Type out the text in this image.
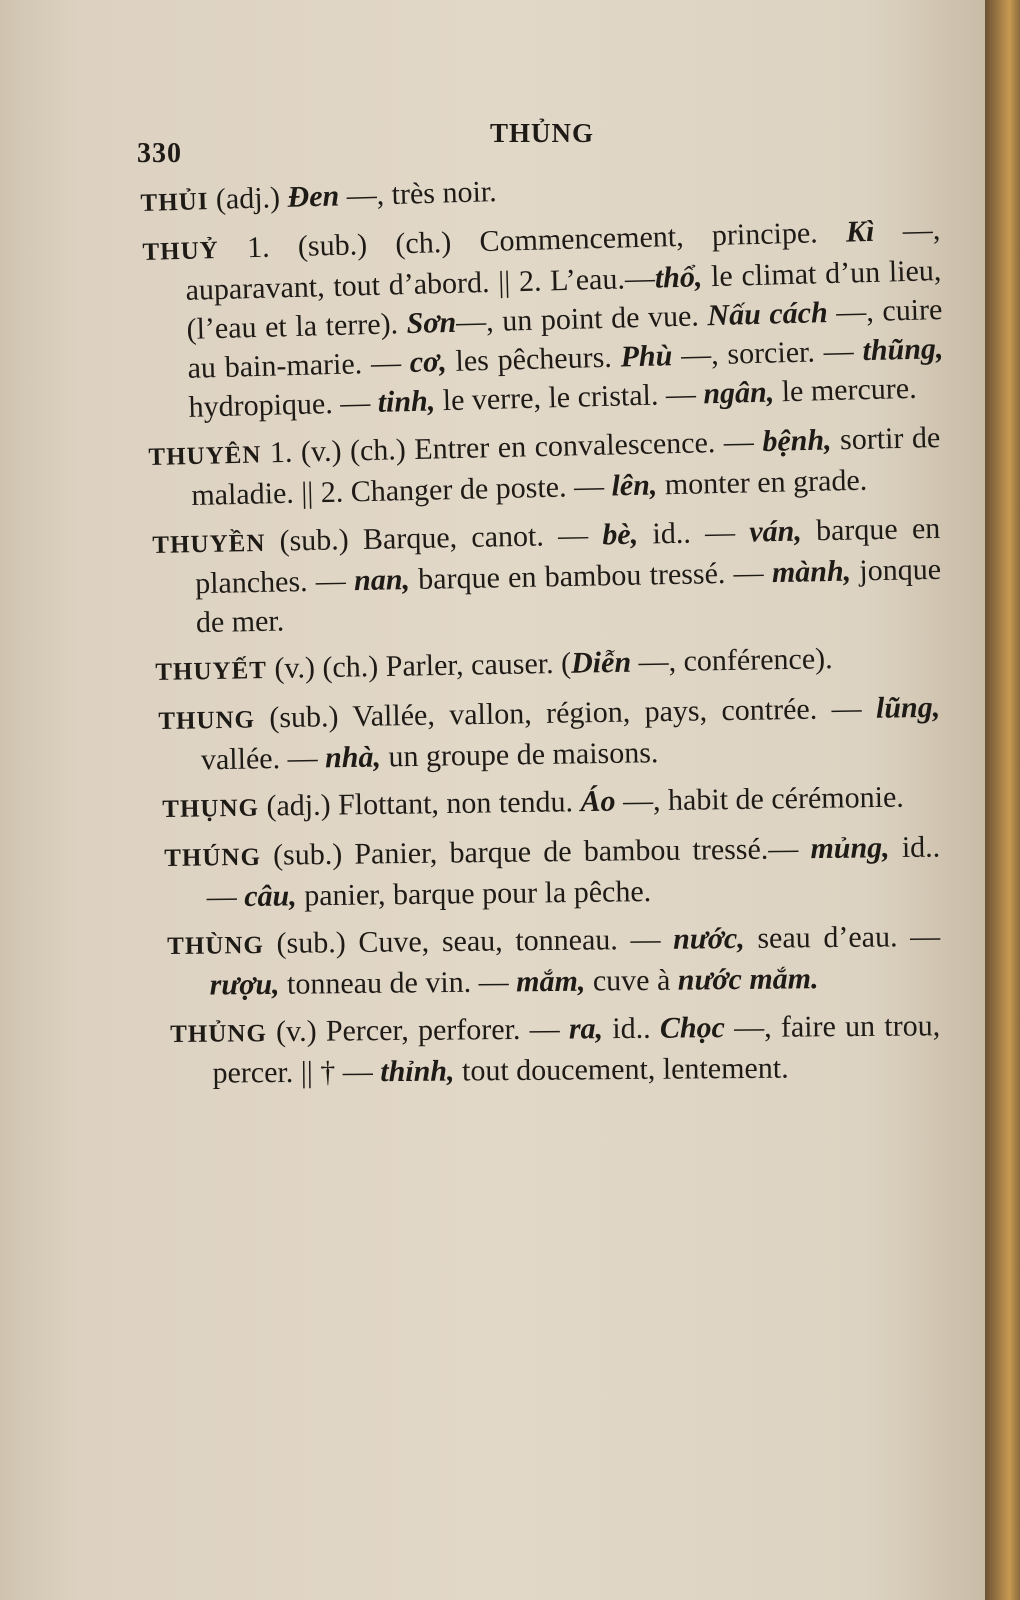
330
THỦNG
THỦI (adj.) Đen —, très noir.
THUỶ 1. (sub.) (ch.) Commencement, principe. Kì —, auparavant, tout d’abord. || 2. L’eau.—thổ, le climat d’un lieu, (l’eau et la terre). Sơn—, un point de vue. Nấu cách —, cuire au bain-marie. — cơ, les pêcheurs. Phù —, sorcier. — thũng, hydropique. — tinh, le verre, le cristal. — ngân, le mercure.
THUYÊN 1. (v.) (ch.) Entrer en convalescence. — bệnh, sortir de maladie. || 2. Changer de poste. — lên, monter en grade.
THUYỀN (sub.) Barque, canot. — bè, id.. — ván, barque en planches. — nan, barque en bambou tressé. — mành, jonque de mer.
THUYẾT (v.) (ch.) Parler, causer. (Diễn —, conférence).
THUNG (sub.) Vallée, vallon, région, pays, contrée. — lũng, vallée. — nhà, un groupe de maisons.
THỤNG (adj.) Flottant, non tendu. Áo —, habit de cérémonie.
THÚNG (sub.) Panier, barque de bambou tressé.— mủng, id.. — câu, panier, barque pour la pêche.
THÙNG (sub.) Cuve, seau, tonneau. — nước, seau d’eau. — rượu, tonneau de vin. — mắm, cuve à nước mắm.
THỦNG (v.) Percer, perforer. — ra, id.. Chọc —, faire un trou, percer. || † — thỉnh, tout doucement, lentement.
